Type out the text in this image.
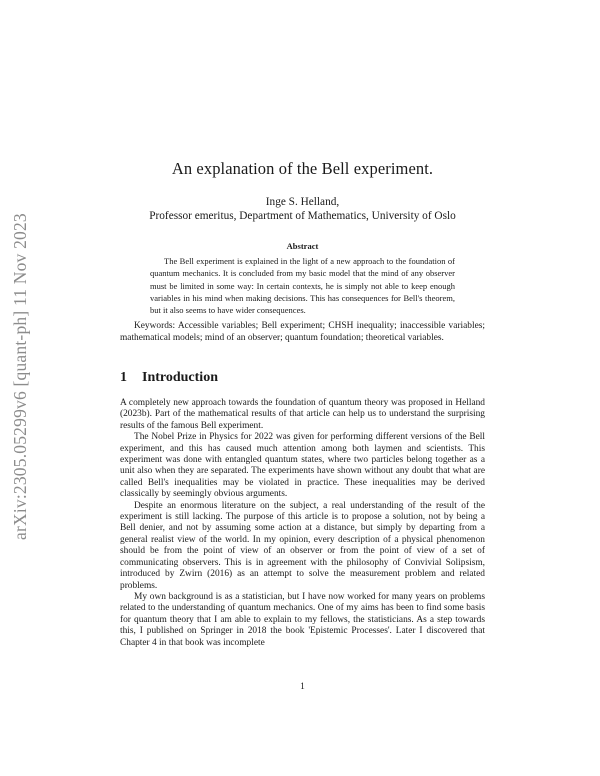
arXiv:2305.05299v6 [quant-ph] 11 Nov 2023
An explanation of the Bell experiment.
Inge S. Helland,
Professor emeritus, Department of Mathematics, University of Oslo
Abstract
The Bell experiment is explained in the light of a new approach to the foundation of quantum mechanics. It is concluded from my basic model that the mind of any observer must be limited in some way: In certain contexts, he is simply not able to keep enough variables in his mind when making decisions. This has consequences for Bell's theorem, but it also seems to have wider consequences.
Keywords: Accessible variables; Bell experiment; CHSH inequality; inaccessible variables; mathematical models; mind of an observer; quantum foundation; theoretical variables.
1 Introduction

A completely new approach towards the foundation of quantum theory was proposed in Helland (2023b). Part of the mathematical results of that article can help us to understand the surprising results of the famous Bell experiment.

The Nobel Prize in Physics for 2022 was given for performing different versions of the Bell experiment, and this has caused much attention among both laymen and scientists. This experiment was done with entangled quantum states, where two particles belong together as a unit also when they are separated. The experiments have shown without any doubt that what are called Bell's inequalities may be violated in practice. These inequalities may be derived classically by seemingly obvious arguments.

Despite an enormous literature on the subject, a real understanding of the result of the experiment is still lacking. The purpose of this article is to propose a solution, not by being a Bell denier, and not by assuming some action at a distance, but simply by departing from a general realist view of the world. In my opinion, every description of a physical phenomenon should be from the point of view of an observer or from the point of view of a set of communicating observers. This is in agreement with the philosophy of Convivial Solipsism, introduced by Zwirn (2016) as an attempt to solve the measurement problem and related problems.

My own background is as a statistician, but I have now worked for many years on problems related to the understanding of quantum mechanics. One of my aims has been to find some basis for quantum theory that I am able to explain to my fellows, the statisticians. As a step towards this, I published on Springer in 2018 the book 'Epistemic Processes'. Later I discovered that Chapter 4 in that book was incomplete

1
